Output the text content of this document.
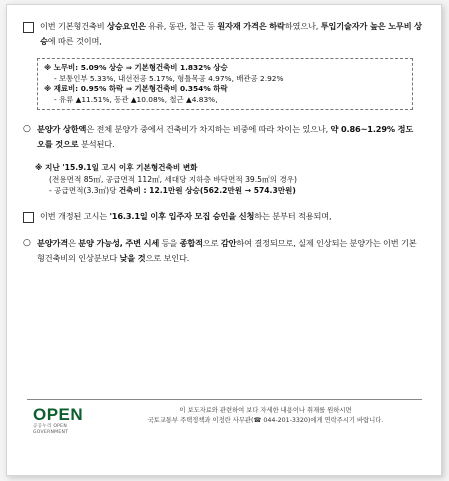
이번 기본형건축비 상승요인은 유류, 동관, 철근 등 원자재 가격은 하락하였으나, 투입기술자가 높은 노무비 상승에 따른 것이며,

※ 노무비: 5.09% 상승 ⇒ 기본형건축비 1.832% 상승
- 보통인부 5.33%, 내선전공 5.17%, 형틀목공 4.97%, 배관공 2.92%
※ 재료비: 0.95% 하락 ⇒ 기본형건축비 0.354% 하락
- 유류 ▲11.51%, 동관 ▲10.08%, 철근 ▲4.83%,
○ 분양가 상한액은 전체 분양가 중에서 건축비가 차지하는 비중에 따라 차이는 있으나, 약 0.86~1.29% 정도 오를 것으로 분석된다.

※ 지난 '15.9.1일 고시 이후 기본형건축비 변화
(전용면적 85㎡, 공급면적 112㎡, 세대당 지하층 바닥면적 39.5㎡의 경우)
- 공급면적(3.3㎡)당 건축비 : 12.1만원 상승(562.2만원 → 574.3만원)

이번 개정된 고시는 '16.3.1일 이후 입주자 모집 승인을 신청하는 분부터 적용되며,

○ 분양가격은 분양 가능성, 주변 시세 등을 종합적으로 감안하여 결정되므로, 실제 인상되는 분양가는 이번 기본형건축비의 인상분보다 낮을 것으로 보인다.

OPEN
공공누리 OPEN GOVERNMENT
이 보도자료와 관련하여 보다 자세한 내용이나 취재를 원하시면
국토교통부 주택정책과 이정란 사무관(☎ 044-201-3320)에게 연락주시기 바랍니다.
